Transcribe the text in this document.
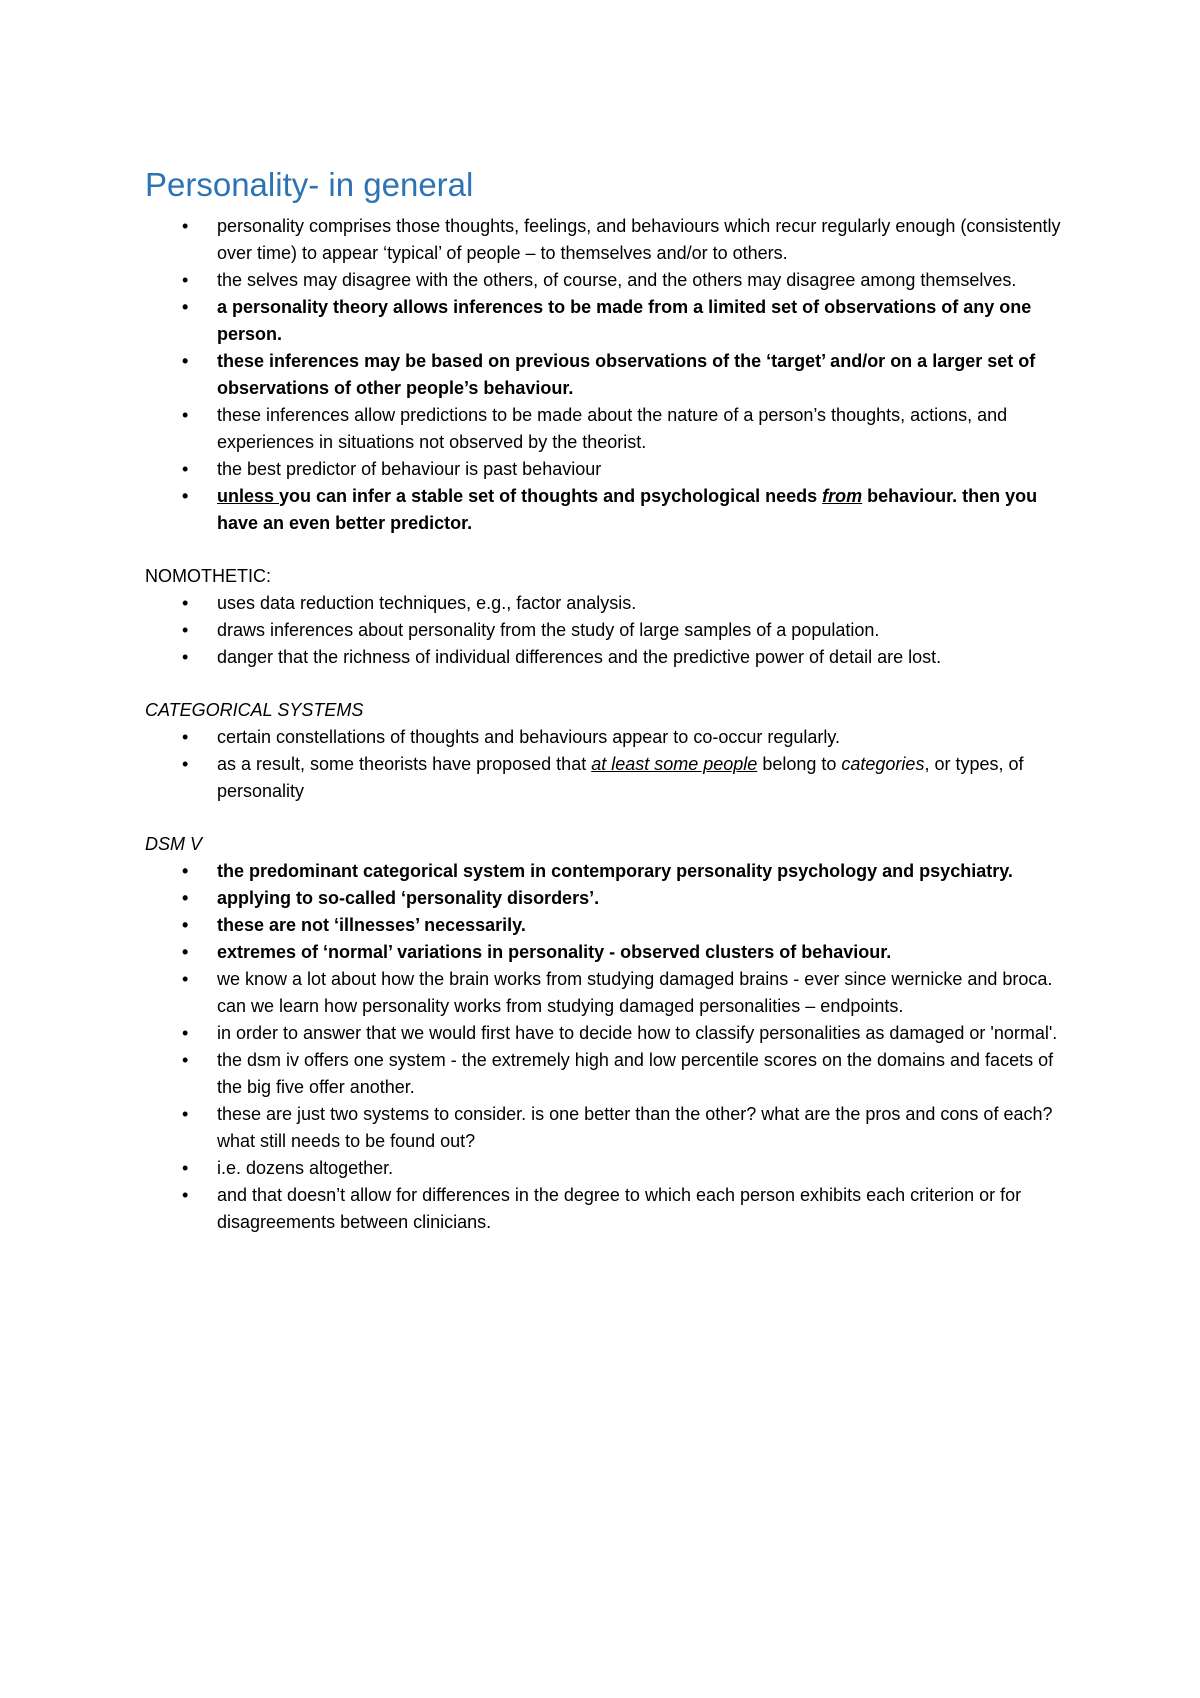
Personality- in general
•	personality comprises those thoughts, feelings, and behaviours which recur regularly enough (consistently over time) to appear ‘typical’ of people – to themselves and/or to others.
•	the selves may disagree with the others, of course, and the others may disagree among themselves.
•	a personality theory allows inferences to be made from a limited set of observations of any one person.
•	these inferences may be based on previous observations of the ‘target’ and/or on a larger set of observations of other people’s behaviour.
•	these inferences allow predictions to be made about the nature of a person’s thoughts, actions, and experiences in situations not observed by the theorist.
•	the best predictor of behaviour is past behaviour
•	unless you can infer a stable set of thoughts and psychological needs from behaviour. then you have an even better predictor.

NOMOTHETIC:

•	uses data reduction techniques, e.g., factor analysis.
•	draws inferences about personality from the study of large samples of a population.
•	danger that the richness of individual differences and the predictive power of detail are lost.

CATEGORICAL SYSTEMS

•	certain constellations of thoughts and behaviours appear to co-occur regularly.
•	as a result, some theorists have proposed that at least some people belong to categories, or types, of personality

DSM V

•	the predominant categorical system in contemporary personality psychology and psychiatry.
•	applying to so-called ‘personality disorders’.
•	these are not ‘illnesses’ necessarily.
•	extremes of ‘normal’ variations in personality - observed clusters of behaviour.
•	we know a lot about how the brain works from studying damaged brains - ever since wernicke and broca. can we learn how personality works from studying damaged personalities – endpoints.
•	in order to answer that we would first have to decide how to classify personalities as damaged or 'normal'.
•	the dsm iv offers one system - the extremely high and low percentile scores on the domains and facets of the big five offer another.
•	these are just two systems to consider. is one better than the other? what are the pros and cons of each? what still needs to be found out?
•	i.e. dozens altogether.
•	and that doesn’t allow for differences in the degree to which each person exhibits each criterion or for disagreements between clinicians.
